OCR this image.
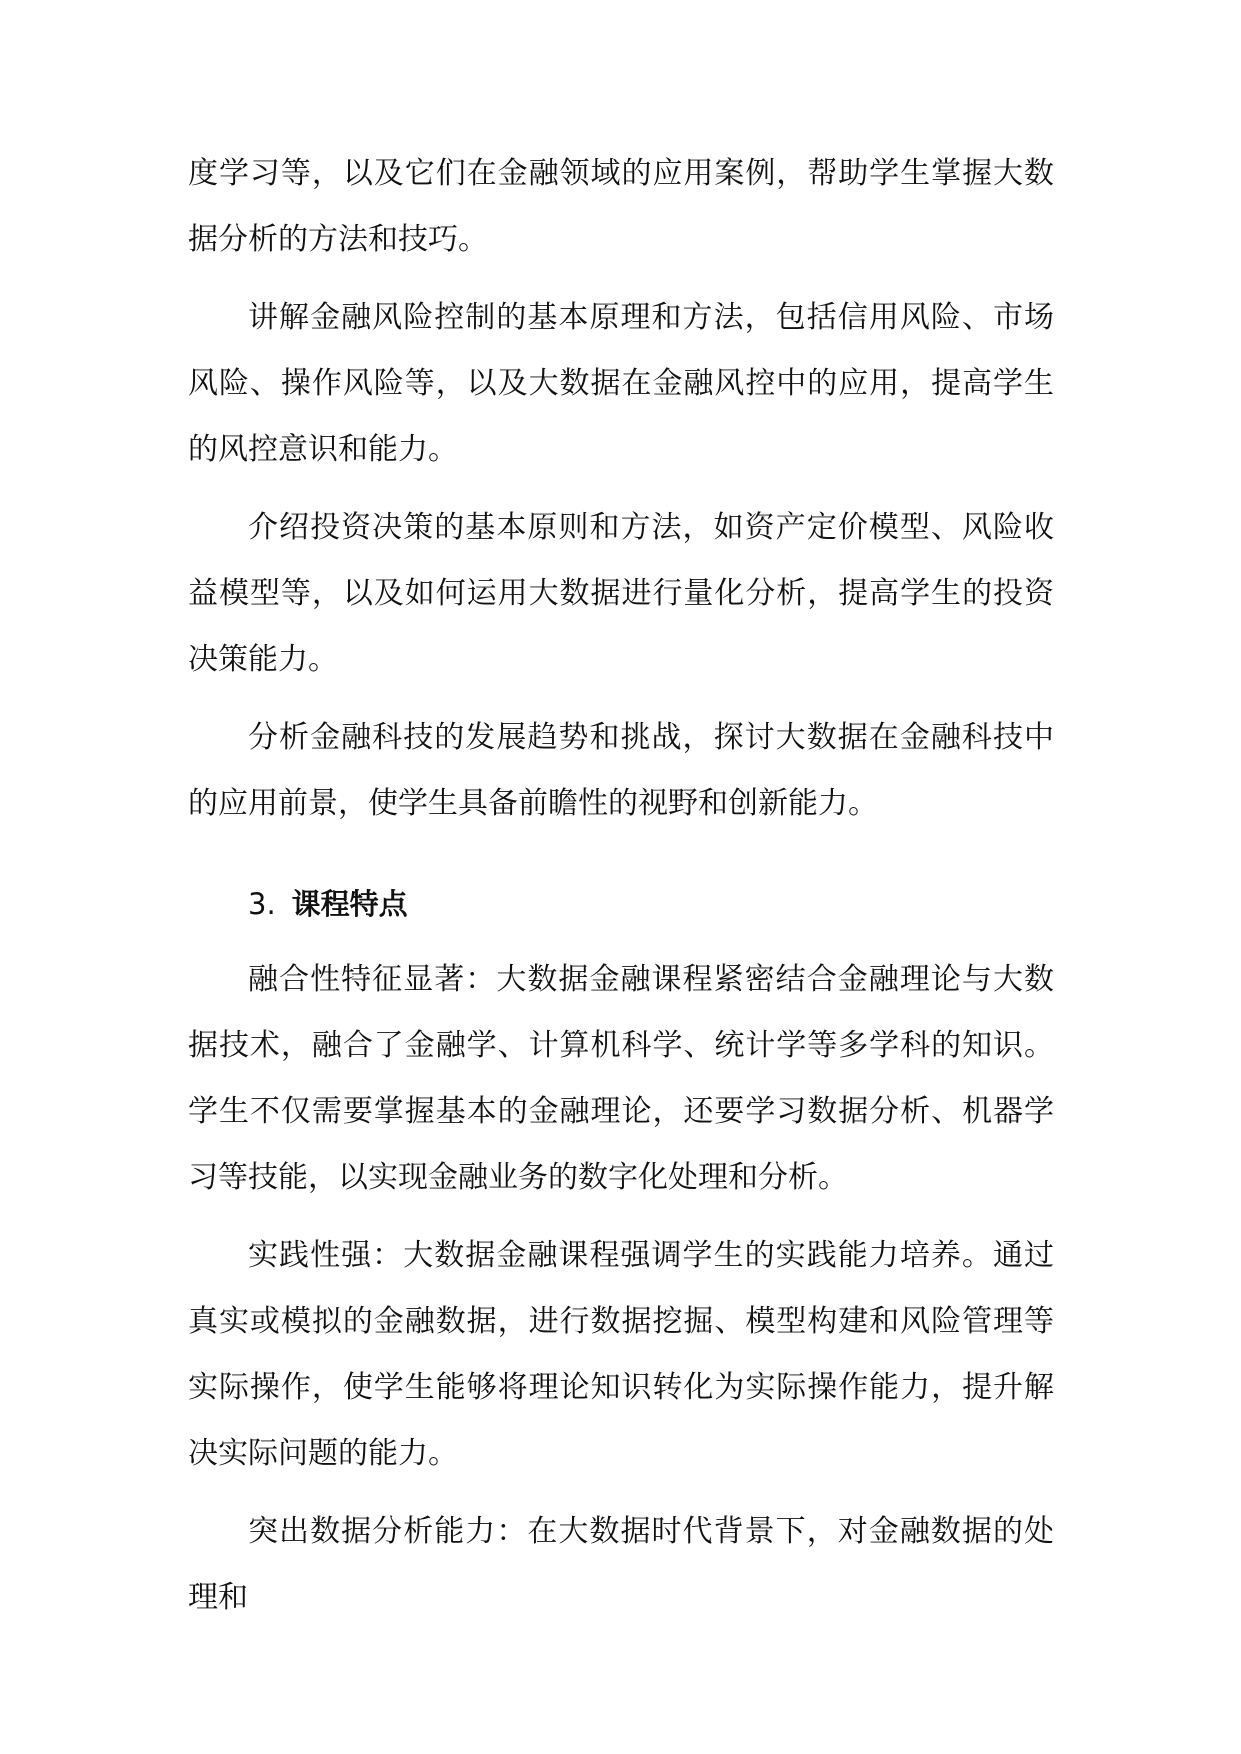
度学习等，以及它们在金融领域的应用案例，帮助学生掌握大数据分析的方法和技巧。

讲解金融风险控制的基本原理和方法，包括信用风险、市场风险、操作风险等，以及大数据在金融风控中的应用，提高学生的风控意识和能力。

介绍投资决策的基本原则和方法，如资产定价模型、风险收益模型等，以及如何运用大数据进行量化分析，提高学生的投资决策能力。

分析金融科技的发展趋势和挑战，探讨大数据在金融科技中的应用前景，使学生具备前瞻性的视野和创新能力。

3. 课程特点

融合性特征显著：大数据金融课程紧密结合金融理论与大数据技术，融合了金融学、计算机科学、统计学等多学科的知识。学生不仅需要掌握基本的金融理论，还要学习数据分析、机器学习等技能，以实现金融业务的数字化处理和分析。

实践性强：大数据金融课程强调学生的实践能力培养。通过真实或模拟的金融数据，进行数据挖掘、模型构建和风险管理等实际操作，使学生能够将理论知识转化为实际操作能力，提升解决实际问题的能力。

突出数据分析能力：在大数据时代背景下，对金融数据的处理和
